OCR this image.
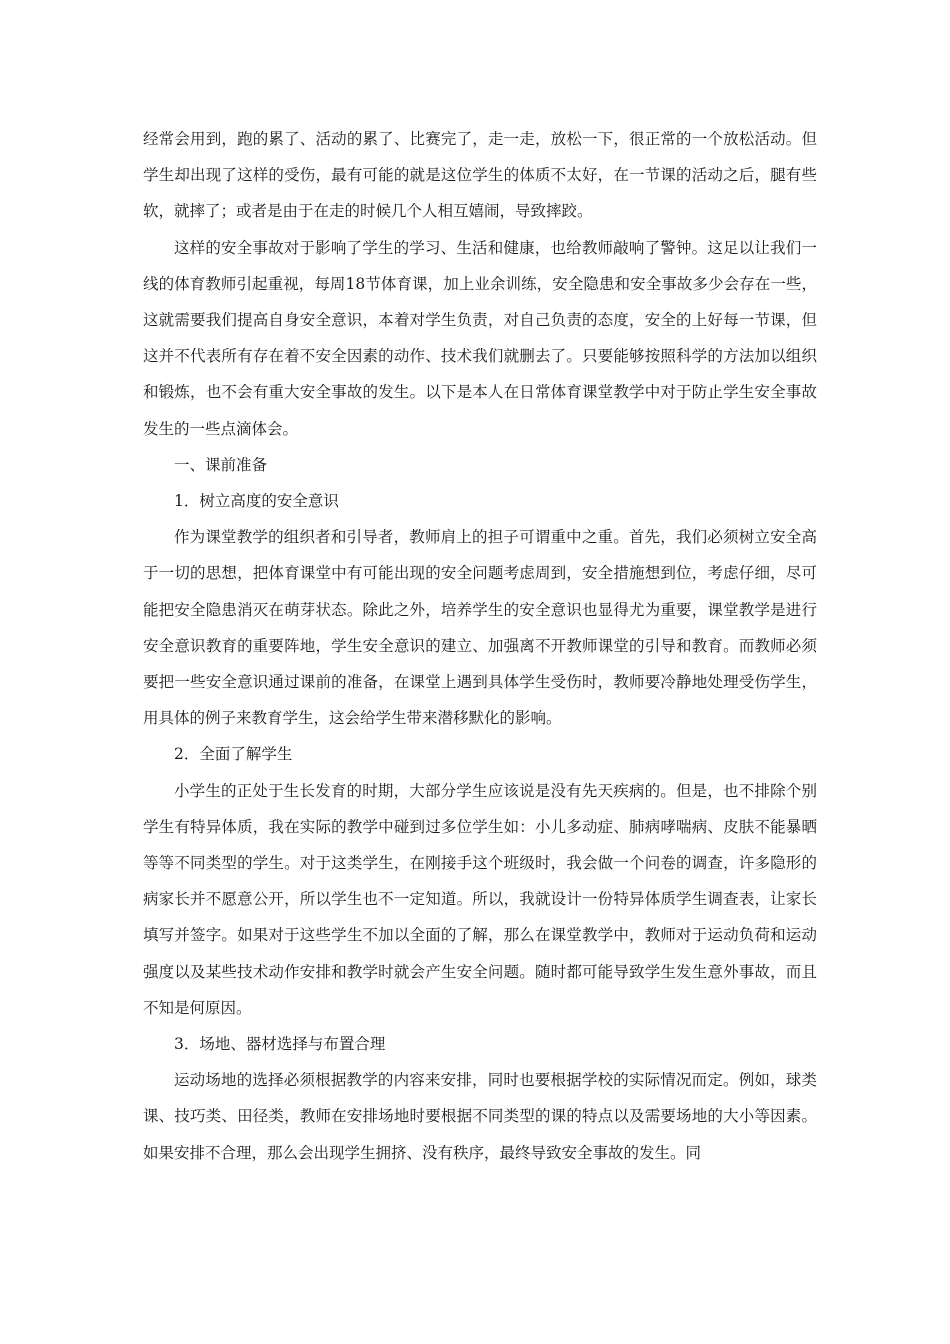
经常会用到，跑的累了、活动的累了、比赛完了，走一走，放松一下，很正常的一个放松活动。但学生却出现了这样的受伤，最有可能的就是这位学生的体质不太好，在一节课的活动之后，腿有些软，就摔了；或者是由于在走的时候几个人相互嬉闹，导致摔跤。

这样的安全事故对于影响了学生的学习、生活和健康，也给教师敲响了警钟。这足以让我们一线的体育教师引起重视，每周18节体育课，加上业余训练，安全隐患和安全事故多少会存在一些，这就需要我们提高自身安全意识，本着对学生负责，对自己负责的态度，安全的上好每一节课，但这并不代表所有存在着不安全因素的动作、技术我们就删去了。只要能够按照科学的方法加以组织和锻炼，也不会有重大安全事故的发生。以下是本人在日常体育课堂教学中对于防止学生安全事故发生的一些点滴体会。

一、课前准备

1．树立高度的安全意识

作为课堂教学的组织者和引导者，教师肩上的担子可谓重中之重。首先，我们必须树立安全高于一切的思想，把体育课堂中有可能出现的安全问题考虑周到，安全措施想到位，考虑仔细，尽可能把安全隐患消灭在萌芽状态。除此之外，培养学生的安全意识也显得尤为重要，课堂教学是进行安全意识教育的重要阵地，学生安全意识的建立、加强离不开教师课堂的引导和教育。而教师必须要把一些安全意识通过课前的准备，在课堂上遇到具体学生受伤时，教师要冷静地处理受伤学生，用具体的例子来教育学生，这会给学生带来潜移默化的影响。

2．全面了解学生

小学生的正处于生长发育的时期，大部分学生应该说是没有先天疾病的。但是，也不排除个别学生有特异体质，我在实际的教学中碰到过多位学生如：小儿多动症、肺病哮喘病、皮肤不能暴晒等等不同类型的学生。对于这类学生，在刚接手这个班级时，我会做一个问卷的调查，许多隐形的病家长并不愿意公开，所以学生也不一定知道。所以，我就设计一份特异体质学生调查表，让家长填写并签字。如果对于这些学生不加以全面的了解，那么在课堂教学中，教师对于运动负荷和运动强度以及某些技术动作安排和教学时就会产生安全问题。随时都可能导致学生发生意外事故，而且不知是何原因。

3．场地、器材选择与布置合理

运动场地的选择必须根据教学的内容来安排，同时也要根据学校的实际情况而定。例如，球类课、技巧类、田径类，教师在安排场地时要根据不同类型的课的特点以及需要场地的大小等因素。如果安排不合理，那么会出现学生拥挤、没有秩序，最终导致安全事故的发生。同
